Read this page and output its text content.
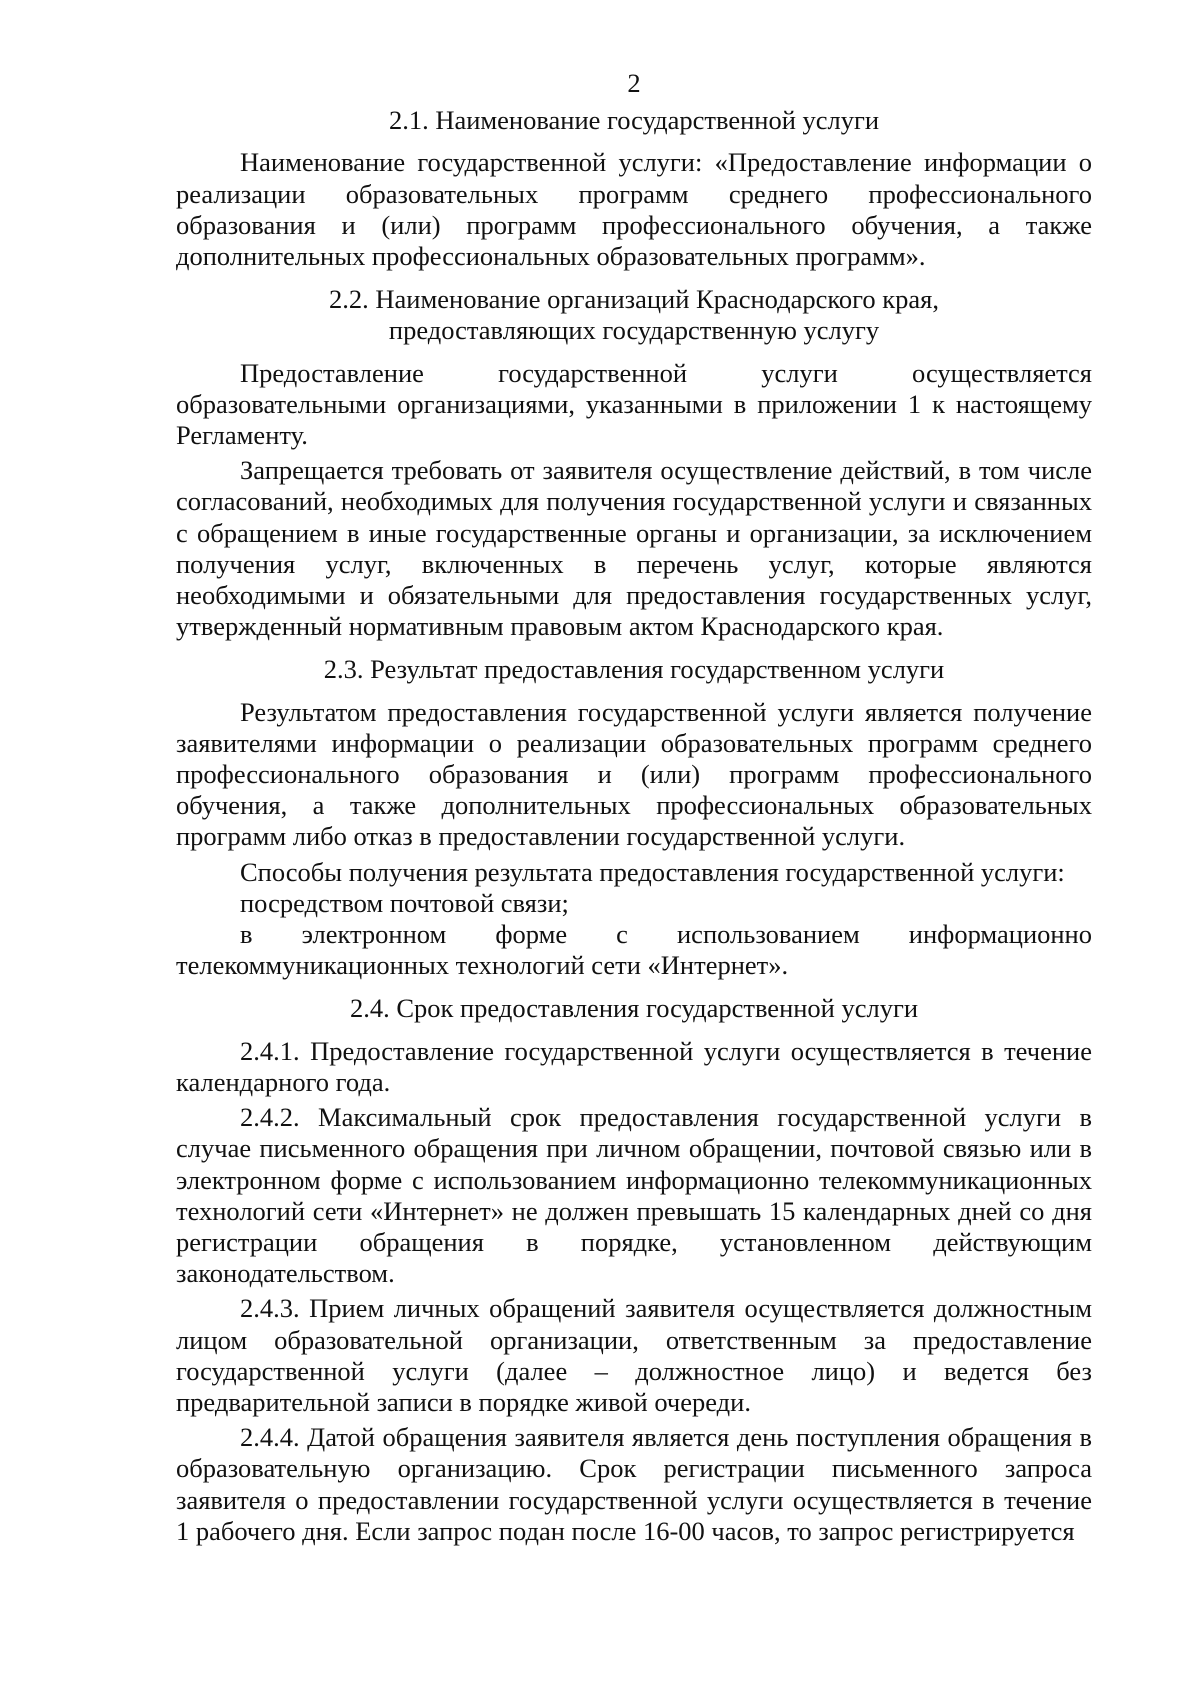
2
2.1. Наименование государственной услуги

Наименование государственной услуги: «Предоставление информации о реализации образовательных программ среднего профессионального образования и (или) программ профессионального обучения, а также дополнительных профессиональных образовательных программ».

2.2. Наименование организаций Краснодарского края,
предоставляющих государственную услугу

Предоставление государственной услуги осуществляется образовательными организациями, указанными в приложении 1 к настоящему Регламенту.

Запрещается требовать от заявителя осуществление действий, в том числе согласований, необходимых для получения государственной услуги и связанных с обращением в иные государственные органы и организации, за исключением получения услуг, включенных в перечень услуг, которые являются необходимыми и обязательными для предоставления государственных услуг, утвержденный нормативным правовым актом Краснодарского края.

2.3. Результат предоставления государственном услуги

Результатом предоставления государственной услуги является получение заявителями информации о реализации образовательных программ среднего профессионального образования и (или) программ профессионального обучения, а также дополнительных профессиональных образовательных программ либо отказ в предоставлении государственной услуги.

Способы получения результата предоставления государственной услуги:

посредством почтовой связи;

в электронном форме с использованием информационно телекоммуникационных технологий сети «Интернет».

2.4. Срок предоставления государственной услуги

2.4.1. Предоставление государственной услуги осуществляется в течение календарного года.

2.4.2. Максимальный срок предоставления государственной услуги в случае письменного обращения при личном обращении, почтовой связью или в электронном форме с использованием информационно телекоммуникационных технологий сети «Интернет» не должен превышать 15 календарных дней со дня регистрации обращения в порядке, установленном действующим законодательством.

2.4.3. Прием личных обращений заявителя осуществляется должностным лицом образовательной организации, ответственным за предоставление государственной услуги (далее – должностное лицо) и ведется без предварительной записи в порядке живой очереди.

2.4.4. Датой обращения заявителя является день поступления обращения в образовательную организацию. Срок регистрации письменного запроса заявителя о предоставлении государственной услуги осуществляется в течение 1 рабочего дня. Если запрос подан после 16-00 часов, то запрос регистрируется
